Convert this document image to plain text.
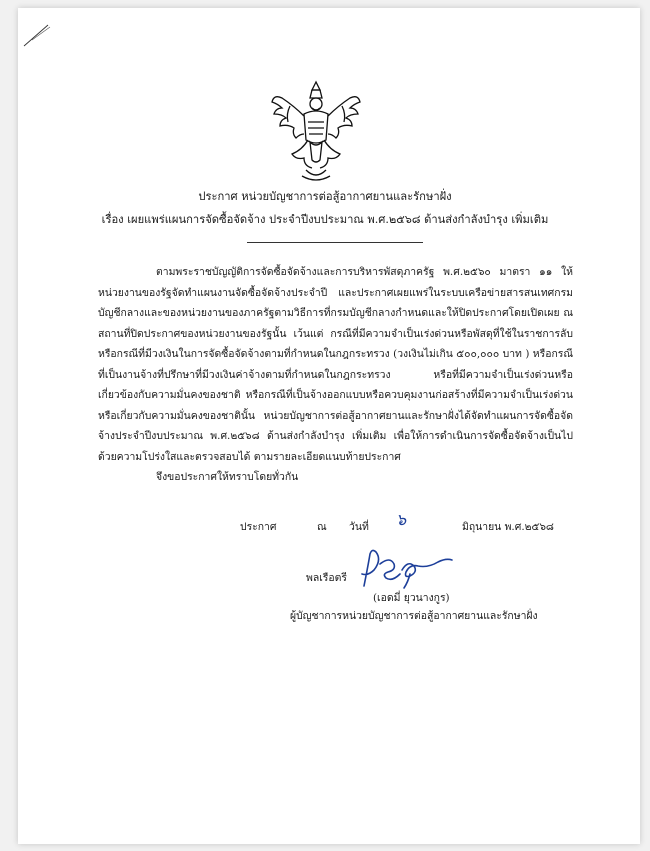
ประกาศ หน่วยบัญชาการต่อสู้อากาศยานและรักษาฝั่ง
เรื่อง เผยแพร่แผนการจัดซื้อจัดจ้าง ประจำปีงบประมาณ พ.ศ.๒๕๖๘ ด้านส่งกำลังบำรุง เพิ่มเติม

ตามพระราชบัญญัติการจัดซื้อจัดจ้างและการบริหารพัสดุภาครัฐ พ.ศ.๒๕๖๐ มาตรา ๑๑ ให้หน่วยงานของรัฐจัดทำแผนงานจัดซื้อจัดจ้างประจำปี และประกาศเผยแพร่ในระบบเครือข่ายสารสนเทศกรมบัญชีกลางและของหน่วยงานของภาครัฐตามวิธีการที่กรมบัญชีกลางกำหนดและให้ปิดประกาศโดยเปิดเผย ณ สถานที่ปิดประกาศของหน่วยงานของรัฐนั้น เว้นแต่ กรณีที่มีความจำเป็นเร่งด่วนหรือพัสดุที่ใช้ในราชการลับ หรือกรณีที่มีวงเงินในการจัดซื้อจัดจ้างตามที่กำหนดในกฎกระทรวง (วงเงินไม่เกิน ๕๐๐,๐๐๐ บาท ) หรือกรณีที่เป็นงานจ้างที่ปรึกษาที่มีวงเงินค่าจ้างตามที่กำหนดในกฎกระทรวง หรือที่มีความจำเป็นเร่งด่วนหรือเกี่ยวข้องกับความมั่นคงของชาติ หรือกรณีที่เป็นจ้างออกแบบหรือควบคุมงานก่อสร้างที่มีความจำเป็นเร่งด่วนหรือเกี่ยวกับความมั่นคงของชาตินั้น หน่วยบัญชาการต่อสู้อากาศยานและรักษาฝั่งได้จัดทำแผนการจัดซื้อจัดจ้างประจำปีงบประมาณ พ.ศ.๒๕๖๘ ด้านส่งกำลังบำรุง เพิ่มเติม เพื่อให้การดำเนินการจัดซื้อจัดจ้างเป็นไปด้วยความโปร่งใสและตรวจสอบได้ ตามรายละเอียดแนบท้ายประกาศ

จึงขอประกาศให้ทราบโดยทั่วกัน
ประกาศ	ณ วันที่ ๖	มิถุนายน พ.ศ.๒๕๖๘
พลเรือตรี
(เอดมี่ ยุวนางกูร)
ผู้บัญชาการหน่วยบัญชาการต่อสู้อากาศยานและรักษาฝั่ง
